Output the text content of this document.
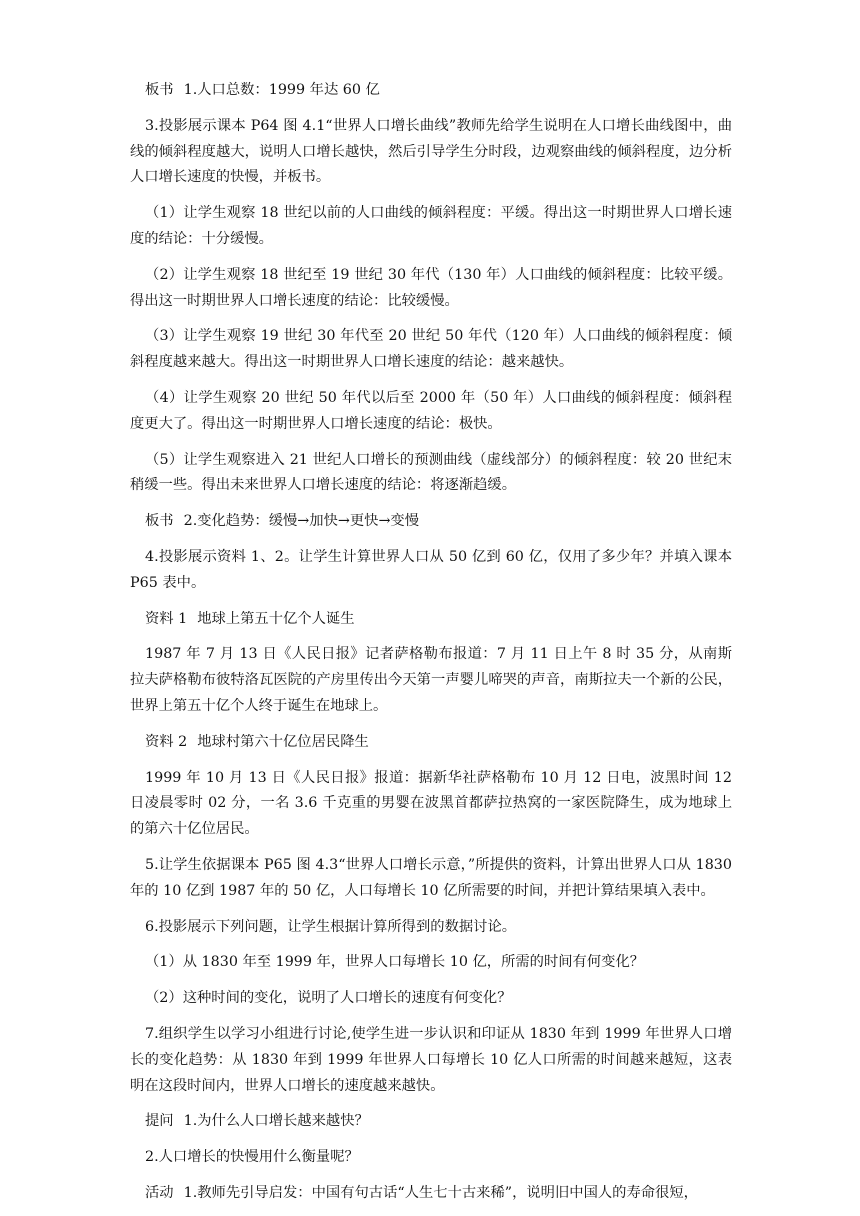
板书 1.人口总数：1999 年达 60 亿

3.投影展示课本 P64 图 4.1“世界人口增长曲线”教师先给学生说明在人口增长曲线图中，曲线的倾斜程度越大，说明人口增长越快，然后引导学生分时段，边观察曲线的倾斜程度，边分析人口增长速度的快慢，并板书。

（1）让学生观察 18 世纪以前的人口曲线的倾斜程度：平缓。得出这一时期世界人口增长速度的结论：十分缓慢。

（2）让学生观察 18 世纪至 19 世纪 30 年代（130 年）人口曲线的倾斜程度：比较平缓。得出这一时期世界人口增长速度的结论：比较缓慢。

（3）让学生观察 19 世纪 30 年代至 20 世纪 50 年代（120 年）人口曲线的倾斜程度：倾斜程度越来越大。得出这一时期世界人口增长速度的结论：越来越快。

（4）让学生观察 20 世纪 50 年代以后至 2000 年（50 年）人口曲线的倾斜程度：倾斜程度更大了。得出这一时期世界人口增长速度的结论：极快。

（5）让学生观察进入 21 世纪人口增长的预测曲线（虚线部分）的倾斜程度：较 20 世纪末稍缓一些。得出未来世界人口增长速度的结论：将逐渐趋缓。

板书 2.变化趋势：缓慢→加快→更快→变慢

4.投影展示资料 1、2。让学生计算世界人口从 50 亿到 60 亿，仅用了多少年？并填入课本 P65 表中。

资料 1 地球上第五十亿个人诞生

1987 年 7 月 13 日《人民日报》记者萨格勒布报道：7 月 11 日上午 8 时 35 分，从南斯拉夫萨格勒布彼特洛瓦医院的产房里传出今天第一声婴儿啼哭的声音，南斯拉夫一个新的公民，世界上第五十亿个人终于诞生在地球上。

资料 2 地球村第六十亿位居民降生

1999 年 10 月 13 日《人民日报》报道：据新华社萨格勒布 10 月 12 日电，波黑时间 12 日凌晨零时 02 分，一名 3.6 千克重的男婴在波黑首都萨拉热窝的一家医院降生，成为地球上的第六十亿位居民。

5.让学生依据课本 P65 图 4.3“世界人口增长示意，”所提供的资料，计算出世界人口从 1830 年的 10 亿到 1987 年的 50 亿，人口每增长 10 亿所需要的时间，并把计算结果填入表中。

6.投影展示下列问题，让学生根据计算所得到的数据讨论。

（1）从 1830 年至 1999 年，世界人口每增长 10 亿，所需的时间有何变化？

（2）这种时间的变化，说明了人口增长的速度有何变化？

7.组织学生以学习小组进行讨论,使学生进一步认识和印证从 1830 年到 1999 年世界人口增长的变化趋势：从 1830 年到 1999 年世界人口每增长 10 亿人口所需的时间越来越短，这表明在这段时间内，世界人口增长的速度越来越快。

提问 1.为什么人口增长越来越快？

2.人口增长的快慢用什么衡量呢？

活动 1.教师先引导启发：中国有句古话“人生七十古来稀”，说明旧中国人的寿命很短，
